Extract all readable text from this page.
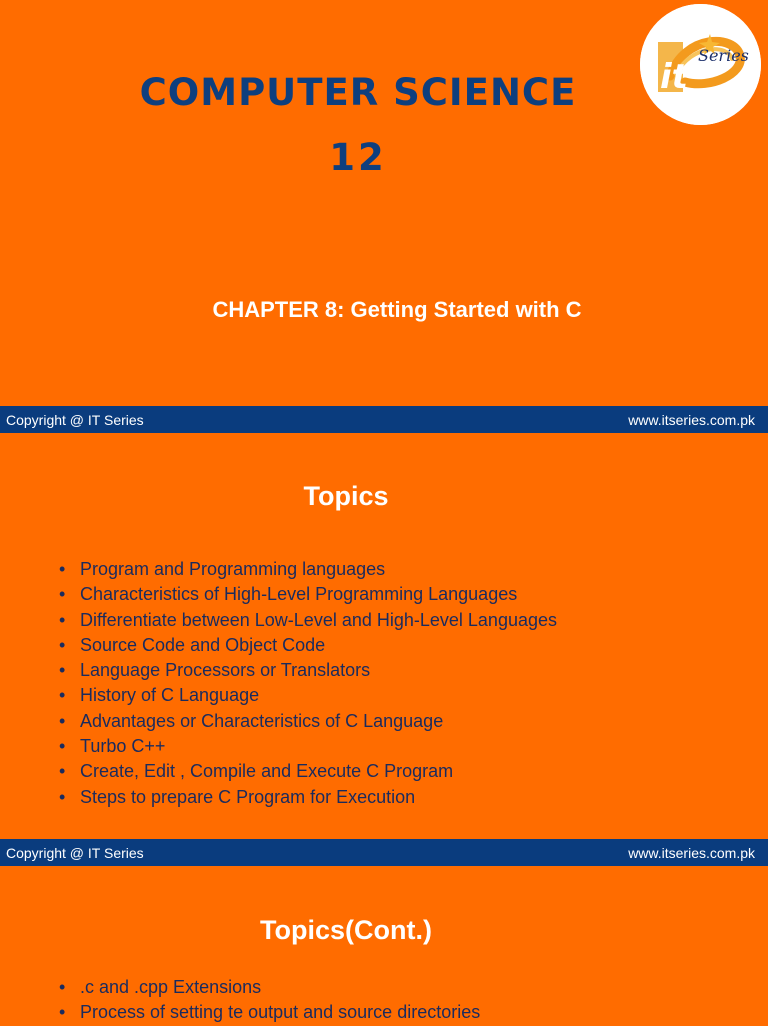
Series
it
COMPUTER SCIENCE
12
CHAPTER 8: Getting Started with C
Copyright @ IT Series	www.itseries.com.pk
Topics
• Program and Programming languages
• Characteristics of High-Level Programming Languages
• Differentiate between Low-Level and High-Level Languages
• Source Code and Object Code
• Language Processors or Translators
• History of C Language
• Advantages or Characteristics of C Language
• Turbo C++
• Create, Edit , Compile and Execute C Program
• Steps to prepare C Program for Execution
Copyright @ IT Series	www.itseries.com.pk
Topics(Cont.)
• .c and .cpp Extensions
• Process of setting te output and source directories
